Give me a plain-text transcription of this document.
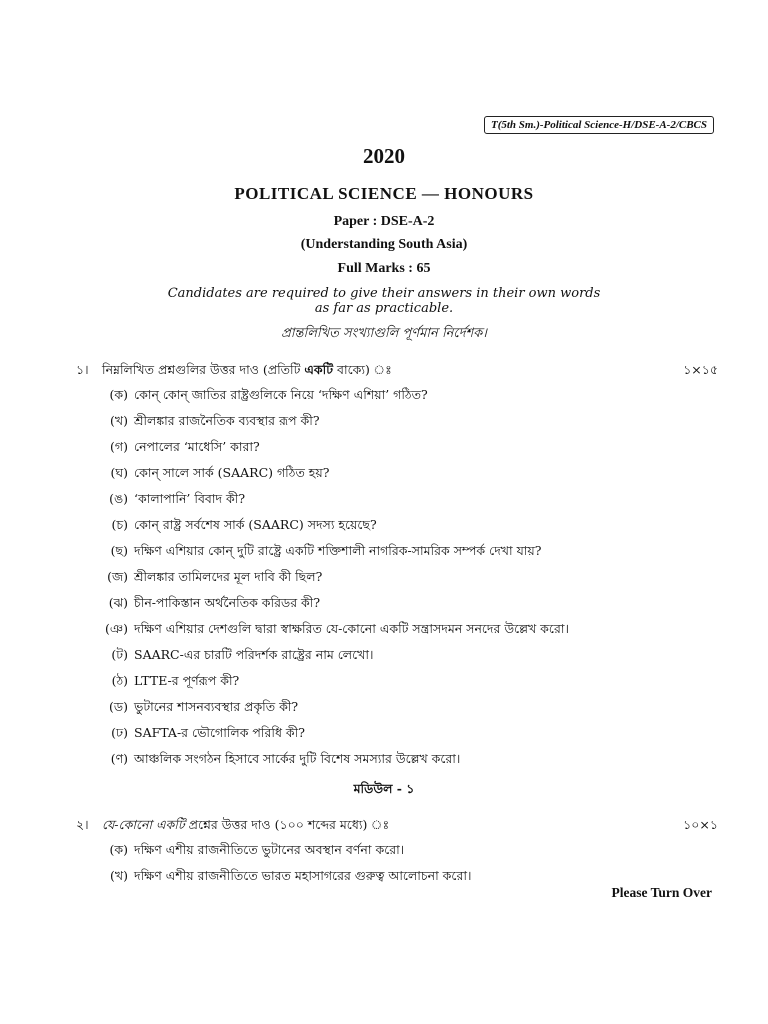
T(5th Sm.)-Political Science-H/DSE-A-2/CBCS
2020
POLITICAL SCIENCE — HONOURS
Paper : DSE-A-2
(Understanding South Asia)
Full Marks : 65
Candidates are required to give their answers in their own words
as far as practicable.
প্রান্তলিখিত সংখ্যাগুলি পূর্ণমান নির্দেশক।
১। নিম্নলিখিত প্রশ্নগুলির উত্তর দাও (প্রতিটি একটি বাক্যে) ঃ	১×১৫
(ক) কোন্ কোন্ জাতির রাষ্ট্রগুলিকে নিয়ে ‘দক্ষিণ এশিয়া’ গঠিত?
(খ) শ্রীলঙ্কার রাজনৈতিক ব্যবস্থার রূপ কী?
(গ) নেপালের ‘মাধেসি’ কারা?
(ঘ) কোন্ সালে সার্ক (SAARC) গঠিত হয়?
(ঙ) ‘কালাপানি’ বিবাদ কী?
(চ) কোন্ রাষ্ট্র সর্বশেষ সার্ক (SAARC) সদস্য হয়েছে?
(ছ) দক্ষিণ এশিয়ার কোন্ দুটি রাষ্ট্রে একটি শক্তিশালী নাগরিক-সামরিক সম্পর্ক দেখা যায়?
(জ) শ্রীলঙ্কার তামিলদের মূল দাবি কী ছিল?
(ঝ) চীন-পাকিস্তান অর্থনৈতিক করিডর কী?
(ঞ) দক্ষিণ এশিয়ার দেশগুলি দ্বারা স্বাক্ষরিত যে-কোনো একটি সন্ত্রাসদমন সনদের উল্লেখ করো।
(ট) SAARC-এর চারটি পরিদর্শক রাষ্ট্রের নাম লেখো।
(ঠ) LTTE-র পূর্ণরূপ কী?
(ড) ভুটানের শাসনব্যবস্থার প্রকৃতি কী?
(ঢ) SAFTA-র ভৌগোলিক পরিধি কী?
(ণ) আঞ্চলিক সংগঠন হিসাবে সার্কের দুটি বিশেষ সমস্যার উল্লেখ করো।
মডিউল - ১
২। যে-কোনো একটি প্রশ্নের উত্তর দাও (১০০ শব্দের মধ্যে) ঃ	১০×১
(ক) দক্ষিণ এশীয় রাজনীতিতে ভুটানের অবস্থান বর্ণনা করো।
(খ) দক্ষিণ এশীয় রাজনীতিতে ভারত মহাসাগরের গুরুত্ব আলোচনা করো।
Please Turn Over
